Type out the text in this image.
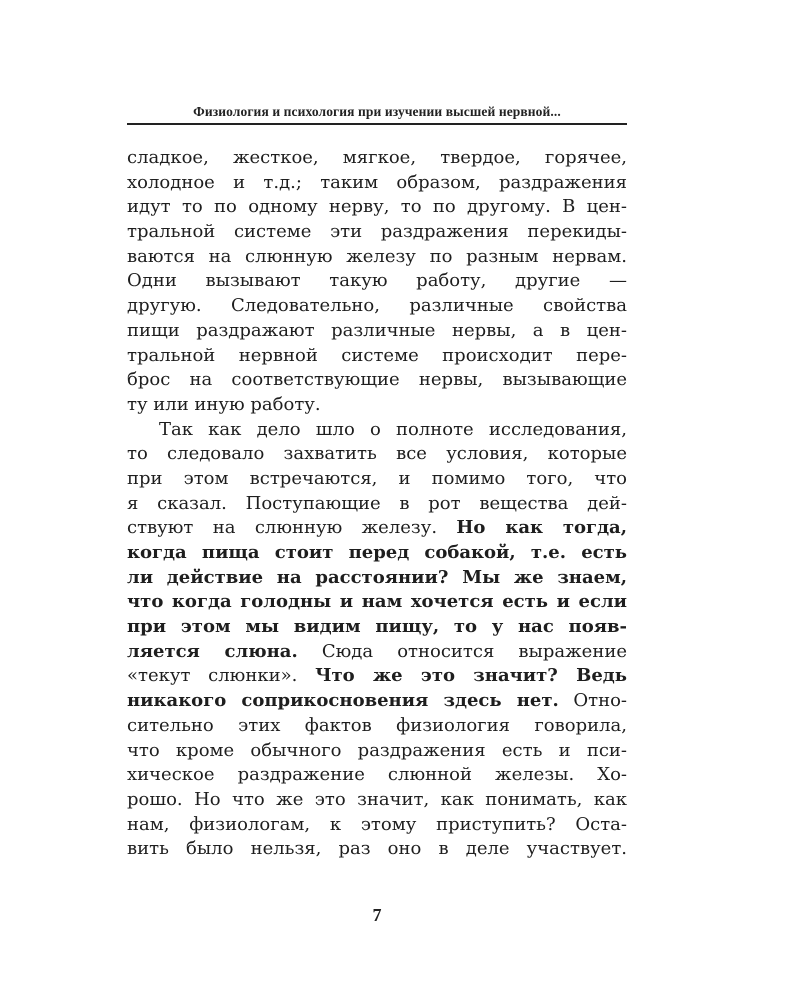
Физиология и психология при изучении высшей нервной...
сладкое, жесткое, мягкое, твердое, горячее,
холодное и т.д.; таким образом, раздражения
идут то по одному нерву, то по другому. В цен-
тральной системе эти раздражения перекиды-
ваются на слюнную железу по разным нервам.
Одни вызывают такую работу, другие —
другую. Следовательно, различные свойства
пищи раздражают различные нервы, а в цен-
тральной нервной системе происходит пере-
брос на соответствующие нервы, вызывающие
ту или иную работу.
Так как дело шло о полноте исследования,
то следовало захватить все условия, которые
при этом встречаются, и помимо того, что
я сказал. Поступающие в рот вещества дей-
ствуют на слюнную железу. Но как тогда,
когда пища стоит перед собакой, т.е. есть
ли действие на расстоянии? Мы же знаем,
что когда голодны и нам хочется есть и если
при этом мы видим пищу, то у нас появ-
ляется слюна. Сюда относится выражение
«текут слюнки». Что же это значит? Ведь
никакого соприкосновения здесь нет. Отно-
сительно этих фактов физиология говорила,
что кроме обычного раздражения есть и пси-
хическое раздражение слюнной железы. Хо-
рошо. Но что же это значит, как понимать, как
нам, физиологам, к этому приступить? Оста-
вить было нельзя, раз оно в деле участвует.
7
